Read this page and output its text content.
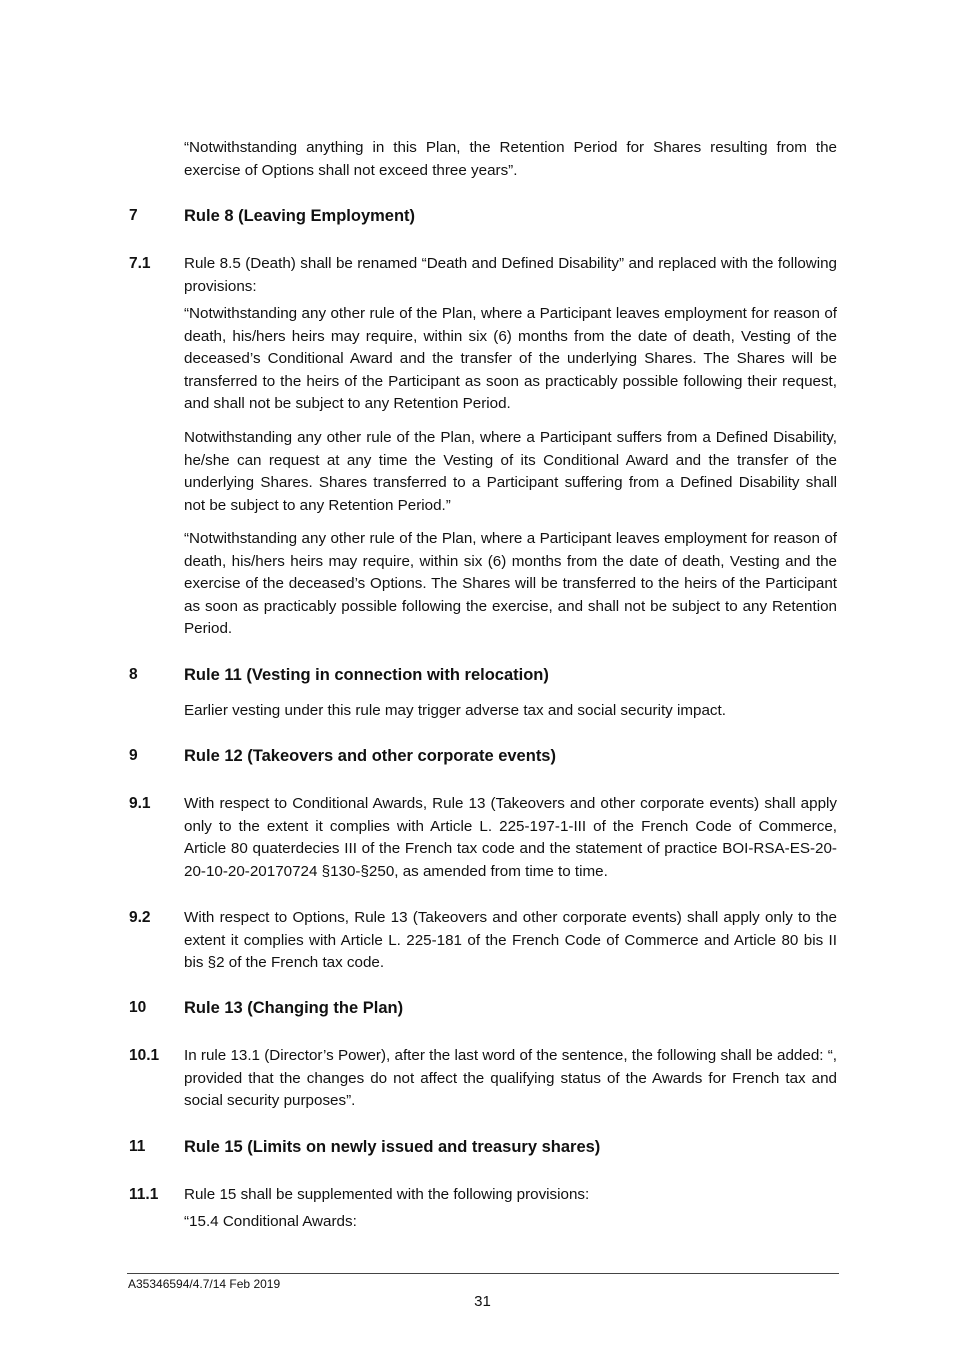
“Notwithstanding anything in this Plan, the Retention Period for Shares resulting from the exercise of Options shall not exceed three years”.
7	Rule 8 (Leaving Employment)
7.1 Rule 8.5 (Death) shall be renamed “Death and Defined Disability” and replaced with the following provisions:
“Notwithstanding any other rule of the Plan, where a Participant leaves employment for reason of death, his/hers heirs may require, within six (6) months from the date of death, Vesting of the deceased’s Conditional Award and the transfer of the underlying Shares. The Shares will be transferred to the heirs of the Participant as soon as practicably possible following their request, and shall not be subject to any Retention Period.
Notwithstanding any other rule of the Plan, where a Participant suffers from a Defined Disability, he/she can request at any time the Vesting of its Conditional Award and the transfer of the underlying Shares. Shares transferred to a Participant suffering from a Defined Disability shall not be subject to any Retention Period.”
“Notwithstanding any other rule of the Plan, where a Participant leaves employment for reason of death, his/hers heirs may require, within six (6) months from the date of death, Vesting and the exercise of the deceased’s Options. The Shares will be transferred to the heirs of the Participant as soon as practicably possible following the exercise, and shall not be subject to any Retention Period.
8	Rule 11 (Vesting in connection with relocation)
Earlier vesting under this rule may trigger adverse tax and social security impact.
9	Rule 12 (Takeovers and other corporate events)
9.1 With respect to Conditional Awards, Rule 13 (Takeovers and other corporate events) shall apply only to the extent it complies with Article L. 225-197-1-III of the French Code of Commerce, Article 80 quaterdecies III of the French tax code and the statement of practice BOI-RSA-ES-20-20-10-20-20170724 §130-§250, as amended from time to time.
9.2 With respect to Options, Rule 13 (Takeovers and other corporate events) shall apply only to the extent it complies with Article L. 225-181 of the French Code of Commerce and Article 80 bis II bis §2 of the French tax code.
10 Rule 13 (Changing the Plan)
10.1 In rule 13.1 (Director’s Power), after the last word of the sentence, the following shall be added: “, provided that the changes do not affect the qualifying status of the Awards for French tax and social security purposes”.
11 Rule 15 (Limits on newly issued and treasury shares)
11.1 Rule 15 shall be supplemented with the following provisions:
“15.4 Conditional Awards:
A35346594/4.7/14 Feb 2019
31
